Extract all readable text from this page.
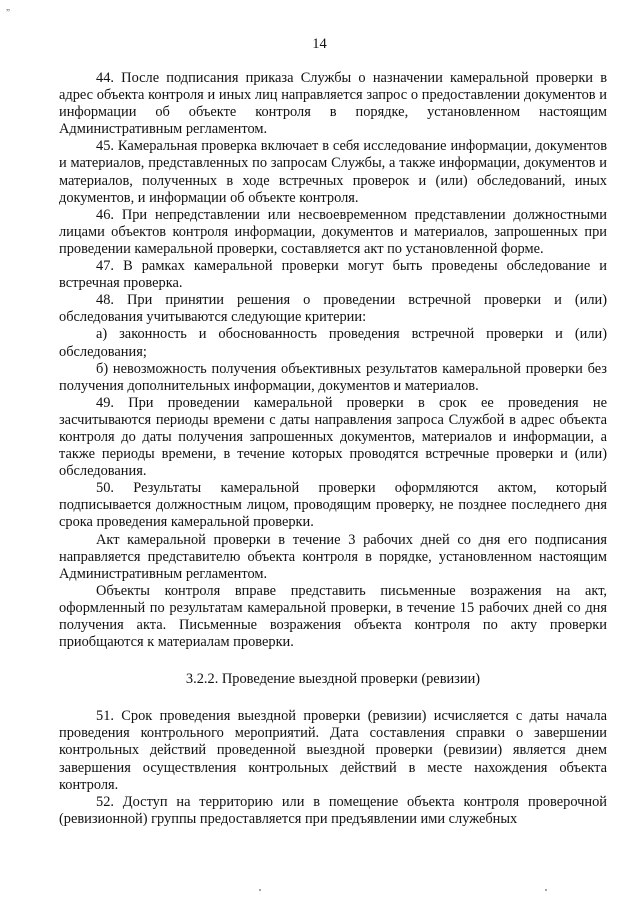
„
14

44. После подписания приказа Службы о назначении камеральной проверки в адрес объекта контроля и иных лиц направляется запрос о предоставлении документов и информации об объекте контроля в порядке, установленном настоящим Административным регламентом.

45. Камеральная проверка включает в себя исследование информации, документов и материалов, представленных по запросам Службы, а также информации, документов и материалов, полученных в ходе встречных проверок и (или) обследований, иных документов, и информации об объекте контроля.

46. При непредставлении или несвоевременном представлении должностными лицами объектов контроля информации, документов и материалов, запрошенных при проведении камеральной проверки, составляется акт по установленной форме.

47. В рамках камеральной проверки могут быть проведены обследование и встречная проверка.

48. При принятии решения о проведении встречной проверки и (или) обследования учитываются следующие критерии:

а) законность и обоснованность проведения встречной проверки и (или) обследования;

б) невозможность получения объективных результатов камеральной проверки без получения дополнительных информации, документов и материалов.

49. При проведении камеральной проверки в срок ее проведения не засчитываются периоды времени с даты направления запроса Службой в адрес объекта контроля до даты получения запрошенных документов, материалов и информации, а также периоды времени, в течение которых проводятся встречные проверки и (или) обследования.

50. Результаты камеральной проверки оформляются актом, который подписывается должностным лицом, проводящим проверку, не позднее последнего дня срока проведения камеральной проверки.

Акт камеральной проверки в течение 3 рабочих дней со дня его подписания направляется представителю объекта контроля в порядке, установленном настоящим Административным регламентом.

Объекты контроля вправе представить письменные возражения на акт, оформленный по результатам камеральной проверки, в течение 15 рабочих дней со дня получения акта. Письменные возражения объекта контроля по акту проверки приобщаются к материалам проверки.

3.2.2. Проведение выездной проверки (ревизии)

51. Срок проведения выездной проверки (ревизии) исчисляется с даты начала проведения контрольного мероприятий. Дата составления справки о завершении контрольных действий проведенной выездной проверки (ревизии) является днем завершения осуществления контрольных действий в месте нахождения объекта контроля.

52. Доступ на территорию или в помещение объекта контроля проверочной (ревизионной) группы предоставляется при предъявлении ими служебных
